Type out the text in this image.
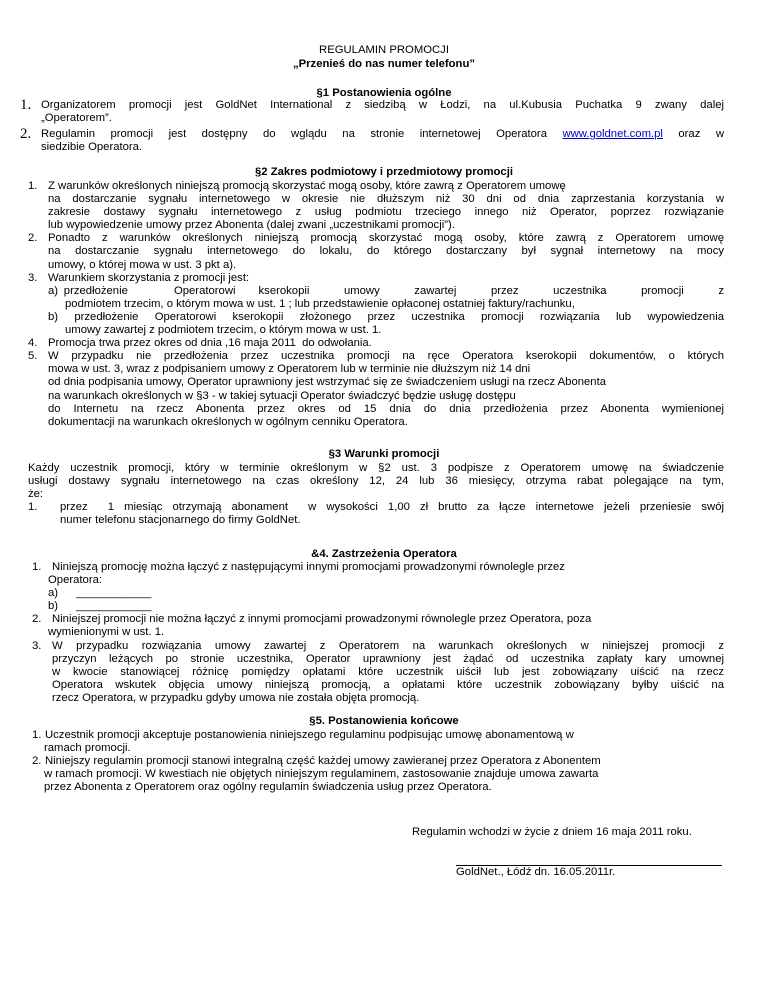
REGULAMIN PROMOCJI
„Przenieś do nas numer telefonu”
§1 Postanowienia ogólne
1. Organizatorem promocji jest GoldNet International z siedzibą w Łodzi, na ul.Kubusia Puchatka 9 zwany dalej
„Operatorem”.
2. Regulamin promocji jest dostępny do wglądu na stronie internetowej Operatora www.goldnet.com.pl oraz w
siedzibie Operatora.
§2 Zakres podmiotowy i przedmiotowy promocji
1. Z warunków określonych niniejszą promocją skorzystać mogą osoby, które zawrą z Operatorem umowę
na dostarczanie sygnału internetowego w okresie nie dłuższym niż 30 dni od dnia zaprzestania korzystania w
zakresie dostawy sygnału internetowego z usług podmiotu trzeciego innego niż Operator, poprzez rozwiązanie
lub wypowiedzenie umowy przez Abonenta (dalej zwani „uczestnikami promocji”).
2. Ponadto z warunków określonych niniejszą promocją skorzystać mogą osoby, które zawrą z Operatorem umowę
na dostarczanie sygnału internetowego do lokalu, do którego dostarczany był sygnał internetowy na mocy
umowy, o której mowa w ust. 3 pkt a).
3. Warunkiem skorzystania z promocji jest:
a) przedłożenie        Operatorowi    kserokopii      umowy      zawartej      przez      uczestnika      promocji      z
podmiotem trzecim, o którym mowa w ust. 1 ; lub przedstawienie opłaconej ostatniej faktury/rachunku,
b) przedłożenie Operatorowi kserokopii złożonego przez uczestnika promocji rozwiązania lub wypowiedzenia
umowy zawartej z podmiotem trzecim, o którym mowa w ust. 1.
4. Promocja trwa przez okres od dnia ,16 maja 2011  do odwołania.
5. W przypadku nie przedłożenia przez uczestnika promocji na ręce Operatora kserokopii dokumentów, o których
mowa w ust. 3, wraz z podpisaniem umowy z Operatorem lub w terminie nie dłuższym niż 14 dni
od dnia podpisania umowy, Operator uprawniony jest wstrzymać się ze świadczeniem usługi na rzecz Abonenta
na warunkach określonych w §3 - w takiej sytuacji Operator świadczyć będzie usługę dostępu
do Internetu na rzecz Abonenta przez okres od 15 dnia do dnia przedłożenia przez Abonenta wymienionej
dokumentacji na warunkach określonych w ogólnym cenniku Operatora.
§3 Warunki promocji
Każdy uczestnik promocji, który w terminie określonym w §2 ust. 3 podpisze z Operatorem umowę na świadczenie
usługi dostawy sygnału internetowego na czas określony 12, 24 lub 36 miesięcy, otrzyma rabat polegające na tym,
że:
1. przez  1 miesiąc otrzymają abonament  w wysokości 1,00 zł brutto za łącze internetowe jeżeli przeniesie swój
numer telefonu stacjonarnego do firmy GoldNet.
&4. Zastrzeżenia Operatora
1. Niniejszą promocję można łączyć z następującymi innymi promocjami prowadzonymi równolegle przez
Operatora:
a) ____________
b) ____________
2. Niniejszej promocji nie można łączyć z innymi promocjami prowadzonymi równolegle przez Operatora, poza
wymienionymi w ust. 1.
3. W przypadku rozwiązania umowy zawartej z Operatorem na warunkach określonych w niniejszej promocji z
przyczyn leżących po stronie uczestnika, Operator uprawniony jest żądać od uczestnika zapłaty kary umownej
w kwocie stanowiącej różnicę pomiędzy opłatami które uczestnik uiścił lub jest zobowiązany uiścić na rzecz
Operatora wskutek objęcia umowy niniejszą promocją, a opłatami które uczestnik zobowiązany byłby uiścić na
rzecz Operatora, w przypadku gdyby umowa nie została objęta promocją.
§5. Postanowienia końcowe
1. Uczestnik promocji akceptuje postanowienia niniejszego regulaminu podpisując umowę abonamentową w
ramach promocji.
2. Niniejszy regulamin promocji stanowi integralną część każdej umowy zawieranej przez Operatora z Abonentem
w ramach promocji. W kwestiach nie objętych niniejszym regulaminem, zastosowanie znajduje umowa zawarta
przez Abonenta z Operatorem oraz ogólny regulamin świadczenia usług przez Operatora.
Regulamin wchodzi w życie z dniem 16 maja 2011 roku.
GoldNet., Łódź dn. 16.05.2011r.
